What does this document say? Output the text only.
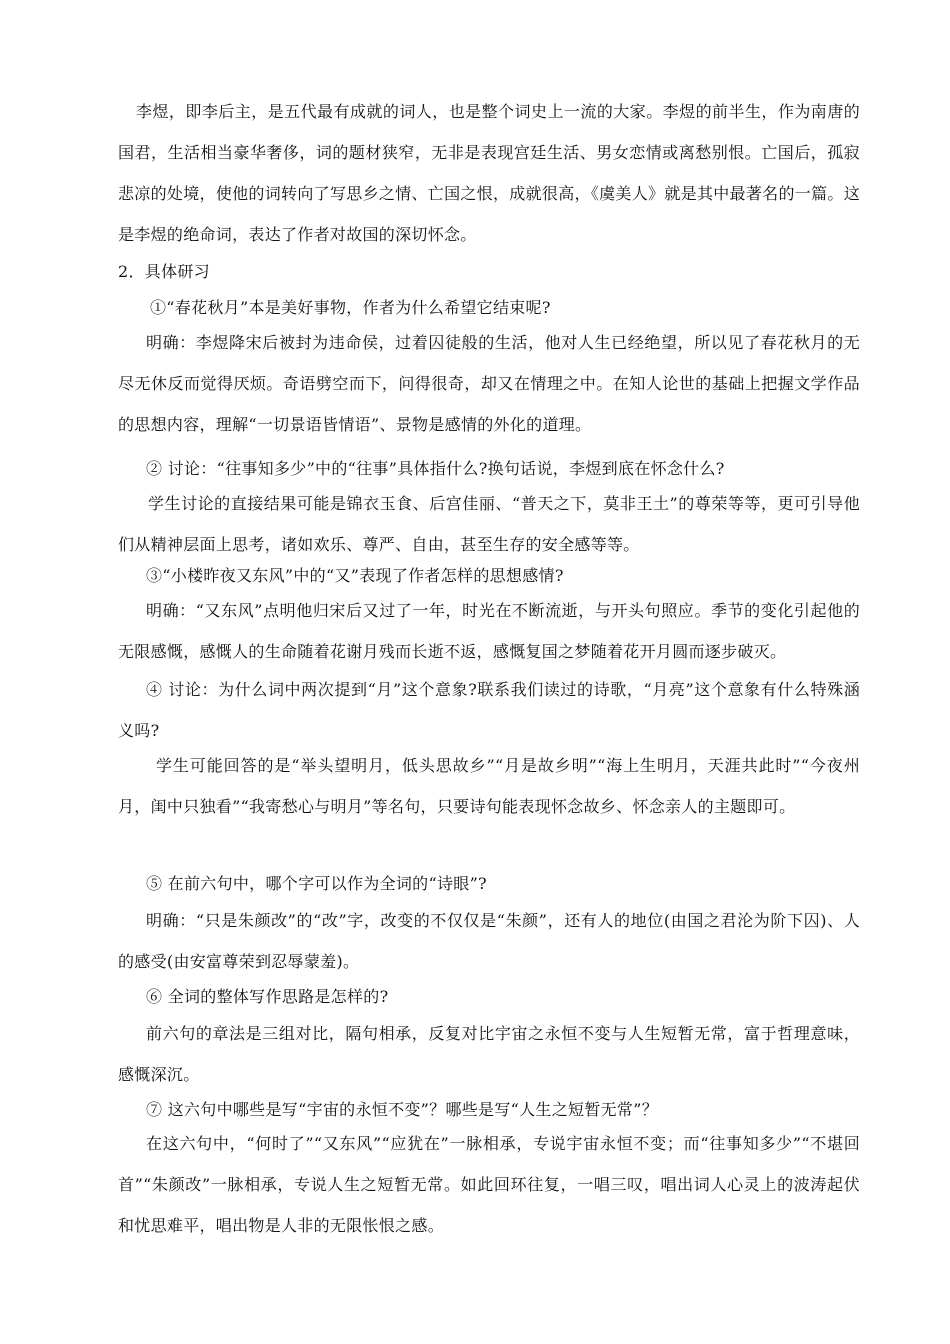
李煜，即李后主，是五代最有成就的词人，也是整个词史上一流的大家。李煜的前半生，作为南唐的国君，生活相当豪华奢侈，词的题材狭窄，无非是表现宫廷生活、男女恋情或离愁别恨。亡国后，孤寂悲凉的处境，使他的词转向了写思乡之情、亡国之恨，成就很高，《虞美人》就是其中最著名的一篇。这是李煜的绝命词，表达了作者对故国的深切怀念。

2．具体研习

①“春花秋月”本是美好事物，作者为什么希望它结束呢?

明确：李煜降宋后被封为违命侯，过着囚徒般的生活，他对人生已经绝望，所以见了春花秋月的无尽无休反而觉得厌烦。奇语劈空而下，问得很奇，却又在情理之中。在知人论世的基础上把握文学作品的思想内容，理解“一切景语皆情语”、景物是感情的外化的道理。

② 讨论：“往事知多少”中的“往事”具体指什么?换句话说，李煜到底在怀念什么?

学生讨论的直接结果可能是锦衣玉食、后宫佳丽、“普天之下，莫非王土”的尊荣等等，更可引导他们从精神层面上思考，诸如欢乐、尊严、自由，甚至生存的安全感等等。

③“小楼昨夜又东风”中的“又”表现了作者怎样的思想感情?

明确：“又东风”点明他归宋后又过了一年，时光在不断流逝，与开头句照应。季节的变化引起他的无限感慨，感慨人的生命随着花谢月残而长逝不返，感慨复国之梦随着花开月圆而逐步破灭。

④ 讨论：为什么词中两次提到“月”这个意象?联系我们读过的诗歌，“月亮”这个意象有什么特殊涵义吗?

学生可能回答的是“举头望明月，低头思故乡”“月是故乡明”“海上生明月，天涯共此时”“今夜州月，闺中只独看”“我寄愁心与明月”等名句，只要诗句能表现怀念故乡、怀念亲人的主题即可。

⑤ 在前六句中，哪个字可以作为全词的“诗眼”?

明确：“只是朱颜改”的“改”字，改变的不仅仅是“朱颜”，还有人的地位(由国之君沦为阶下囚)、人的感受(由安富尊荣到忍辱蒙羞)。

⑥ 全词的整体写作思路是怎样的?

前六句的章法是三组对比，隔句相承，反复对比宇宙之永恒不变与人生短暂无常，富于哲理意味，感慨深沉。

⑦ 这六句中哪些是写“宇宙的永恒不变”？哪些是写“人生之短暂无常”？

在这六句中，“何时了”“又东风”“应犹在”一脉相承，专说宇宙永恒不变；而“往事知多少”“不堪回首”“朱颜改”一脉相承，专说人生之短暂无常。如此回环往复，一唱三叹，唱出词人心灵上的波涛起伏和忧思难平，唱出物是人非的无限怅恨之感。
